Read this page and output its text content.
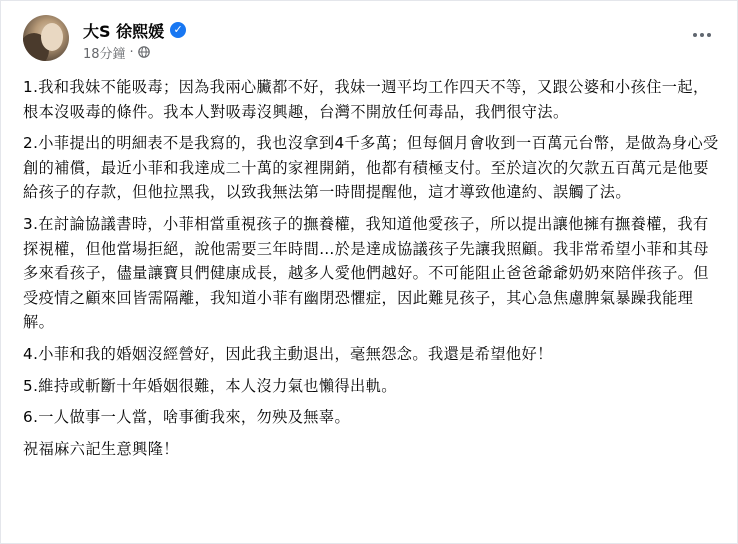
大S 徐熙媛 ✓
18分鐘 ·

1.我和我妹不能吸毒；因為我兩心臟都不好，我妹一週平均工作四天不等，又跟公婆和小孩住一起，根本沒吸毒的條件。我本人對吸毒沒興趣，台灣不開放任何毒品，我們很守法。

2.小菲提出的明細表不是我寫的，我也沒拿到4千多萬；但每個月會收到一百萬元台幣，是做為身心受創的補償，最近小菲和我達成二十萬的家裡開銷，他都有積極支付。至於這次的欠款五百萬元是他要給孩子的存款，但他拉黑我，以致我無法第一時間提醒他，這才導致他違約、誤觸了法。

3.在討論協議書時，小菲相當重視孩子的撫養權，我知道他愛孩子，所以提出讓他擁有撫養權，我有探視權，但他當場拒絕，說他需要三年時間…於是達成協議孩子先讓我照顧。我非常希望小菲和其母多來看孩子，儘量讓寶貝們健康成長，越多人愛他們越好。不可能阻止爸爸爺爺奶奶來陪伴孩子。但受疫情之顧來回皆需隔離，我知道小菲有幽閉恐懼症，因此難見孩子，其心急焦慮脾氣暴躁我能理解。

4.小菲和我的婚姻沒經營好，因此我主動退出，毫無怨念。我還是希望他好！

5.維持或斬斷十年婚姻很難，本人沒力氣也懶得出軌。

6.一人做事一人當，啥事衝我來，勿殃及無辜。

祝福麻六記生意興隆！
